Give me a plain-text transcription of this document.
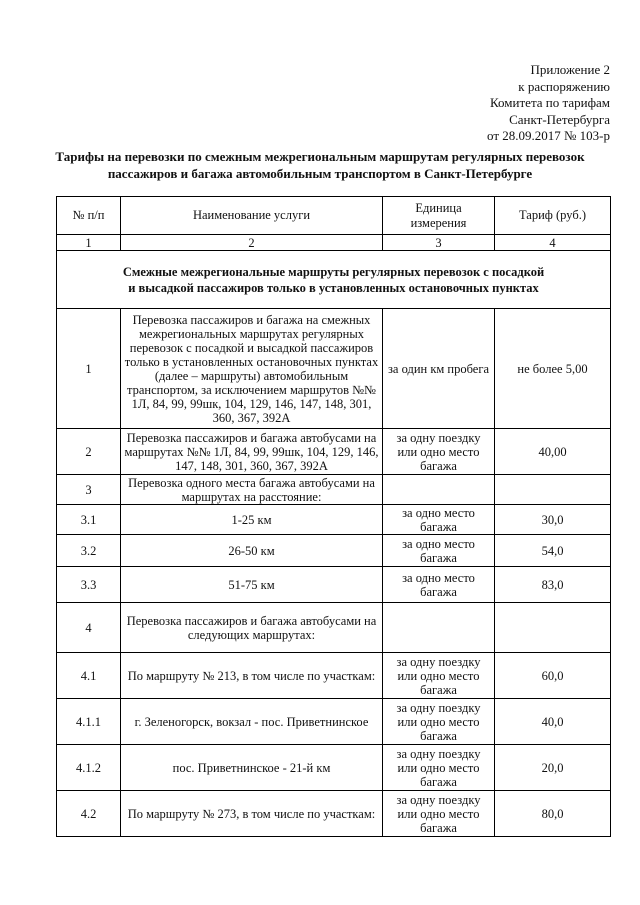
Приложение 2
к распоряжению
Комитета по тарифам
Санкт-Петербурга
от 28.09.2017 № 103-р
Тарифы на перевозки по смежным межрегиональным маршрутам регулярных перевозок
пассажиров и багажа автомобильным транспортом в Санкт-Петербурге
№ п/п	Наименование услуги	Единица измерения	Тариф (руб.)
1	2	3	4

Смежные межрегиональные маршруты регулярных перевозок с посадкой
и высадкой пассажиров только в установленных остановочных пунктах			

1	Перевозка пассажиров и багажа на смежных межрегиональных маршрутах регулярных перевозок с посадкой и высадкой пассажиров только в установленных остановочных пунктах (далее – маршруты) автомобильным транспортом, за исключением маршрутов №№ 1Л, 84, 99, 99шк, 104, 129, 146, 147, 148, 301, 360, 367, 392А	за один км пробега	не более 5,00
2	Перевозка пассажиров и багажа автобусами на маршрутах №№ 1Л, 84, 99, 99шк, 104, 129, 146, 147, 148, 301, 360, 367, 392А	за одну поездку или одно место багажа	40,00
3	Перевозка одного места багажа автобусами на маршрутах на расстояние:		
3.1	1-25 км	за одно место багажа	30,0
3.2	26-50 км	за одно место багажа	54,0
3.3	51-75 км	за одно место багажа	83,0
4	Перевозка пассажиров и багажа автобусами на следующих маршрутах:		
4.1	По маршруту № 213, в том числе по участкам:	за одну поездку или одно место багажа	60,0
4.1.1	г. Зеленогорск, вокзал - пос. Приветнинское	за одну поездку или одно место багажа	40,0
4.1.2	пос. Приветнинское - 21-й км	за одну поездку или одно место багажа	20,0
4.2	По маршруту № 273, в том числе по участкам:	за одну поездку или одно место багажа	80,0
